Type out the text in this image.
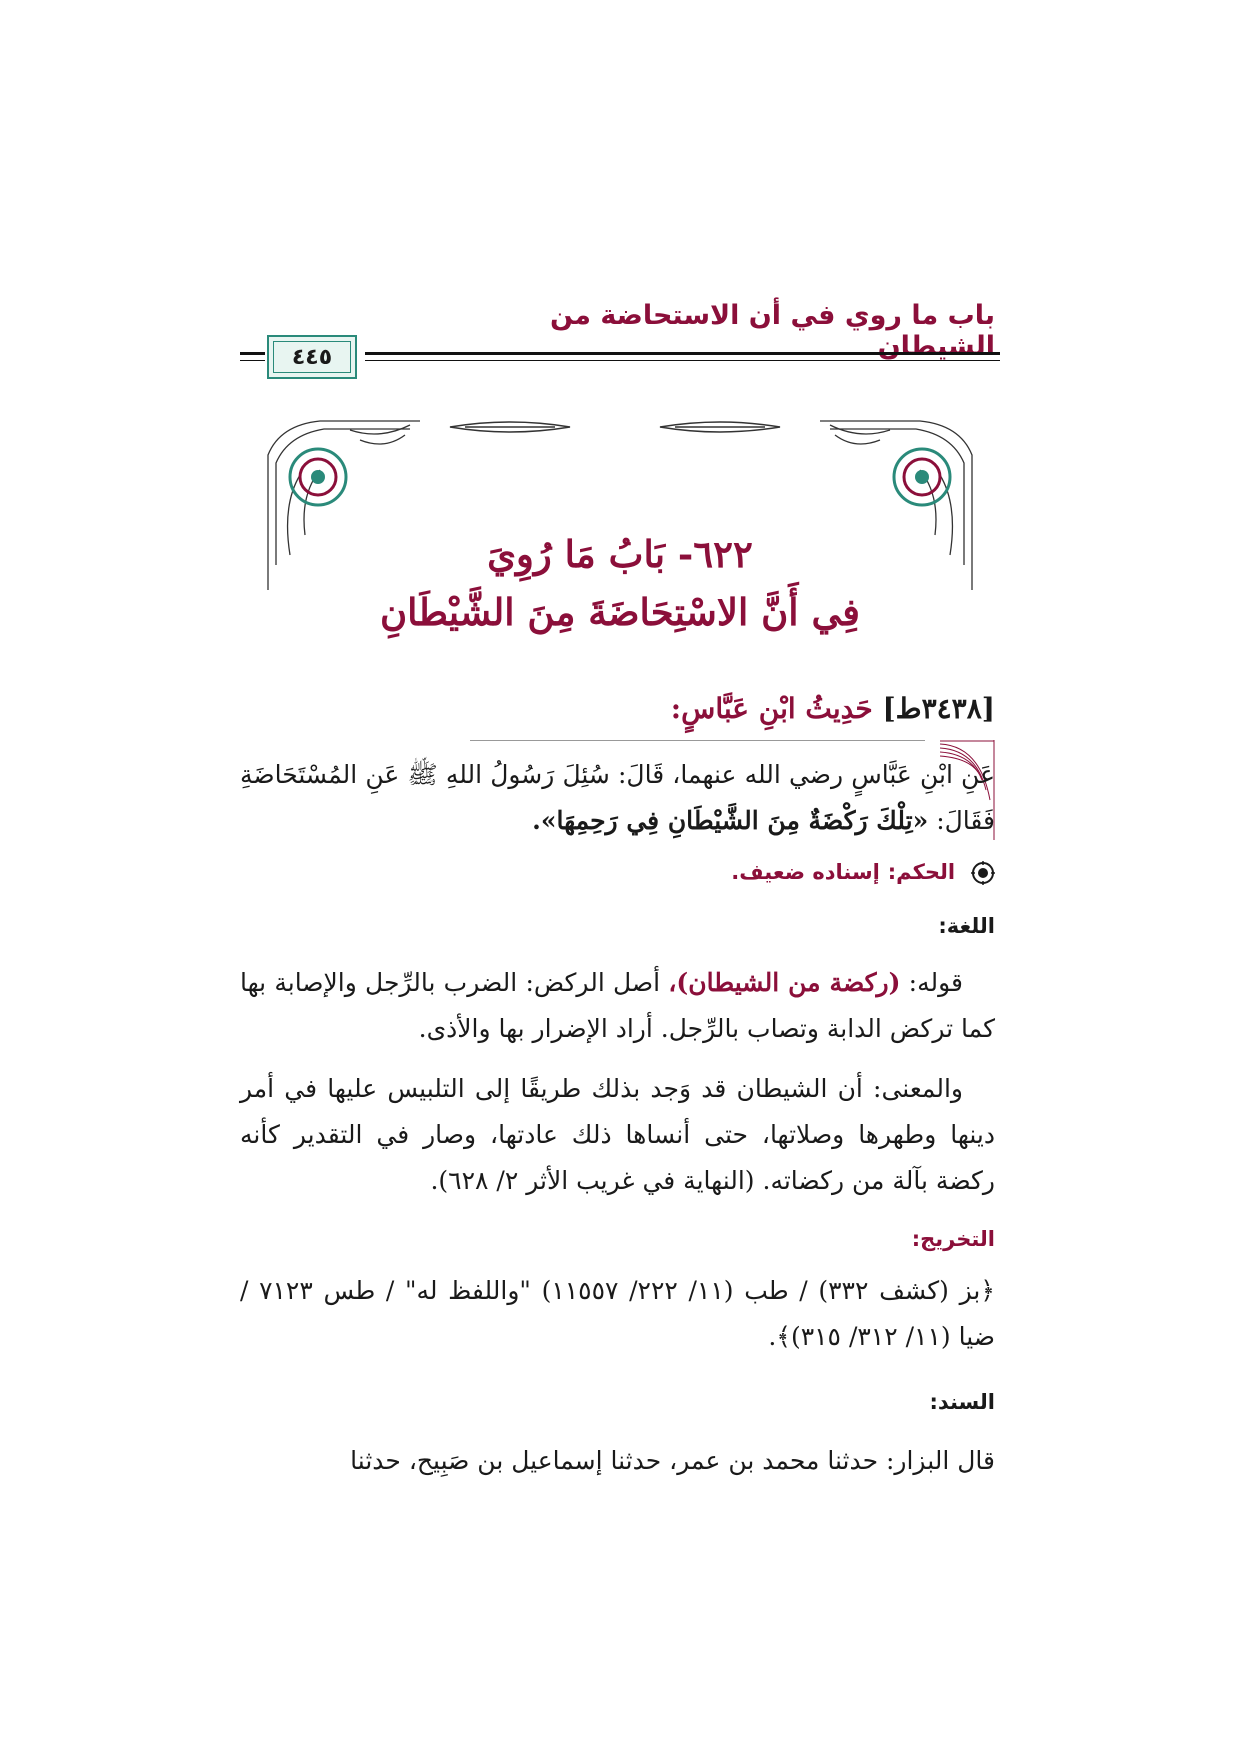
باب ما روي في أن الاستحاضة من الشيطان
٤٤٥
٦٢٢- بَابُ مَا رُوِيَ
فِي أَنَّ الاسْتِحَاضَةَ مِنَ الشَّيْطَانِ
[٣٤٣٨ط] حَدِيثُ ابْنِ عَبَّاسٍ:
عَنِ ابْنِ عَبَّاسٍ رضي الله عنهما، قَالَ: سُئِلَ رَسُولُ اللهِ ﷺ عَنِ المُسْتَحَاضَةِ فَقَالَ: «تِلْكَ رَكْضَةٌ مِنَ الشَّيْطَانِ فِي رَحِمِهَا».
الحكم: إسناده ضعيف.
اللغة:
قوله: (ركضة من الشيطان)، أصل الركض: الضرب بالرِّجل والإصابة بها كما تركض الدابة وتصاب بالرِّجل. أراد الإضرار بها والأذى.
والمعنى: أن الشيطان قد وَجد بذلك طريقًا إلى التلبيس عليها في أمر دينها وطهرها وصلاتها، حتى أنساها ذلك عادتها، وصار في التقدير كأنه ركضة بآلة من ركضاته. (النهاية في غريب الأثر ٢/ ٦٢٨).
التخريج:
﴿بز (كشف ٣٣٢) / طب (١١/ ٢٢٢/ ١١٥٥٧) "واللفظ له" / طس ٧١٢٣ / ضيا (١١/ ٣١٢/ ٣١٥)﴾.
السند:
قال البزار: حدثنا محمد بن عمر، حدثنا إسماعيل بن صَبِيح، حدثنا
